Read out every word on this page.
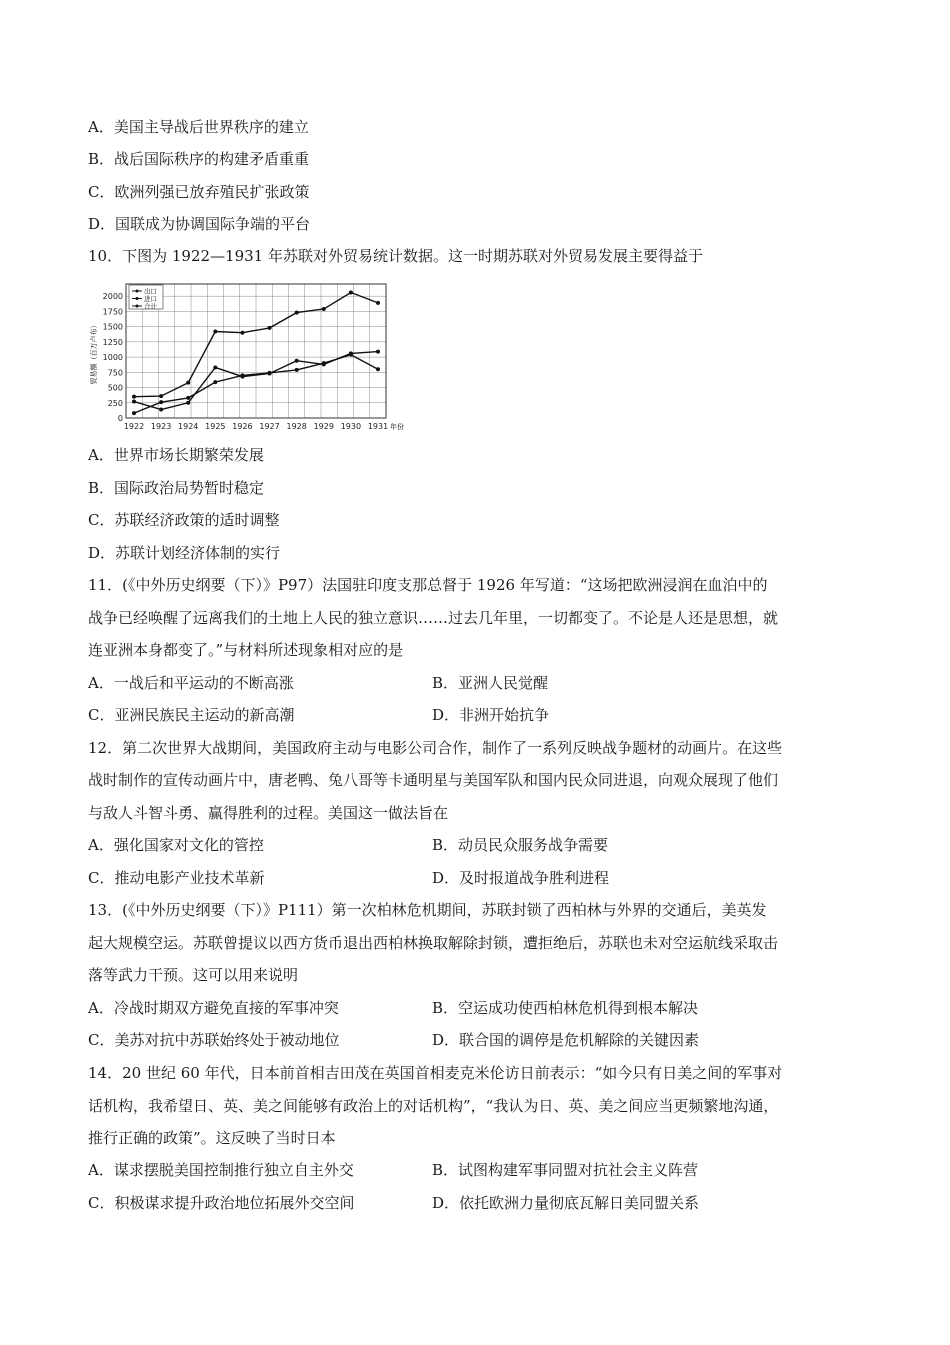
A．美国主导战后世界秩序的建立
B．战后国际秩序的构建矛盾重重
C．欧洲列强已放弃殖民扩张政策
D．国联成为协调国际争端的平台
10．下图为 1922—1931 年苏联对外贸易统计数据。这一时期苏联对外贸易发展主要得益于
0
250
500
750
1000
1250
1500
1750
2000
1922 1923 1924 1925 1926 1927 1928 1929 1930 1931
贸易额（百万卢布）
年份
出口
进口
合计
A．世界市场长期繁荣发展
B．国际政治局势暂时稳定
C．苏联经济政策的适时调整
D．苏联计划经济体制的实行
11．(《中外历史纲要（下）》P97）法国驻印度支那总督于 1926 年写道：“这场把欧洲浸润在血泊中的
战争已经唤醒了远离我们的土地上人民的独立意识……过去几年里，一切都变了。不论是人还是思想，就
连亚洲本身都变了。”与材料所述现象相对应的是
A．一战后和平运动的不断高涨	B．亚洲人民觉醒
C．亚洲民族民主运动的新高潮	D．非洲开始抗争
12．第二次世界大战期间，美国政府主动与电影公司合作，制作了一系列反映战争题材的动画片。在这些
战时制作的宣传动画片中，唐老鸭、兔八哥等卡通明星与美国军队和国内民众同进退，向观众展现了他们
与敌人斗智斗勇、赢得胜利的过程。美国这一做法旨在
A．强化国家对文化的管控	B．动员民众服务战争需要
C．推动电影产业技术革新	D．及时报道战争胜利进程
13．(《中外历史纲要（下）》P111）第一次柏林危机期间，苏联封锁了西柏林与外界的交通后，美英发
起大规模空运。苏联曾提议以西方货币退出西柏林换取解除封锁，遭拒绝后，苏联也未对空运航线采取击
落等武力干预。这可以用来说明
A．冷战时期双方避免直接的军事冲突	B．空运成功使西柏林危机得到根本解决
C．美苏对抗中苏联始终处于被动地位	D．联合国的调停是危机解除的关键因素
14．20 世纪 60 年代，日本前首相吉田茂在英国首相麦克米伦访日前表示：“如今只有日美之间的军事对
话机构，我希望日、英、美之间能够有政治上的对话机构”，“我认为日、英、美之间应当更频繁地沟通，
推行正确的政策”。这反映了当时日本
A．谋求摆脱美国控制推行独立自主外交	B．试图构建军事同盟对抗社会主义阵营
C．积极谋求提升政治地位拓展外交空间	D．依托欧洲力量彻底瓦解日美同盟关系
